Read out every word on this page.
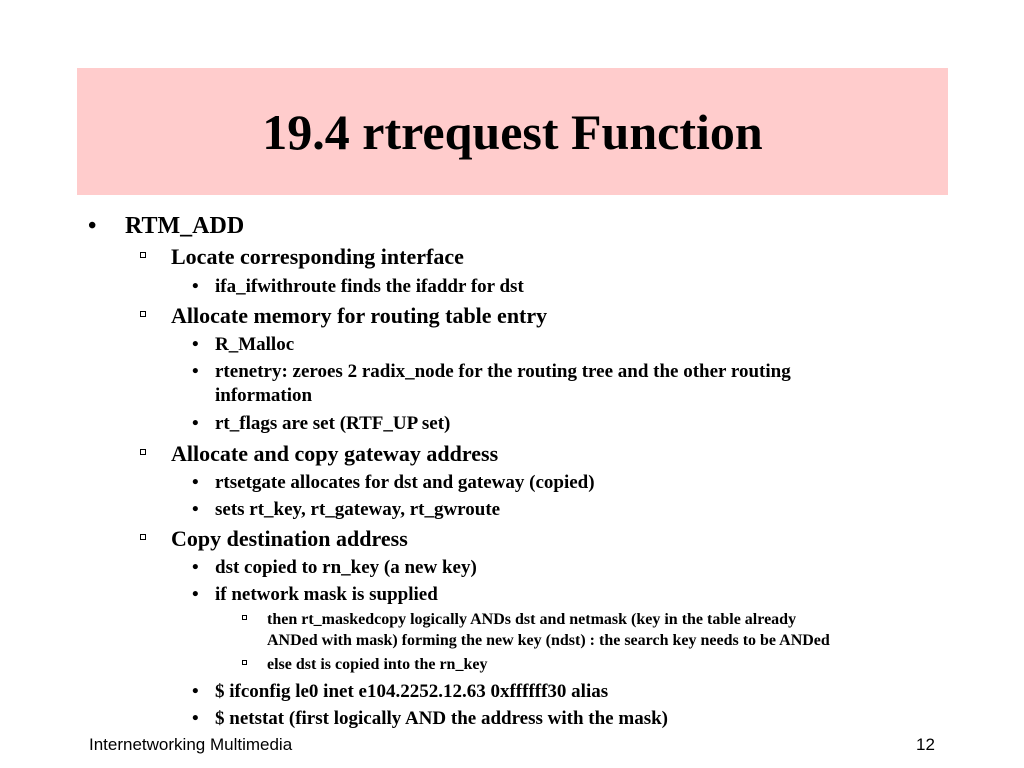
19.4 rtrequest Function
• RTM_ADD
Locate corresponding interface
• ifa_ifwithroute finds the ifaddr for dst
Allocate memory for routing table entry
• R_Malloc
• rtenetry: zeroes 2 radix_node for the routing tree and the other routing
information
• rt_flags are set (RTF_UP set)
Allocate and copy gateway address
• rtsetgate allocates for dst and gateway (copied)
• sets rt_key, rt_gateway, rt_gwroute
Copy destination address
• dst copied to rn_key (a new key)
• if network mask is supplied
then rt_maskedcopy logically ANDs dst and netmask (key in the table already
ANDed with mask) forming the new key (ndst) : the search key needs to be ANDed
else dst is copied into the rn_key
• $ ifconfig le0 inet e104.2252.12.63 0xffffff30 alias
• $ netstat (first logically AND the address with the mask)
Internetworking Multimedia	12
